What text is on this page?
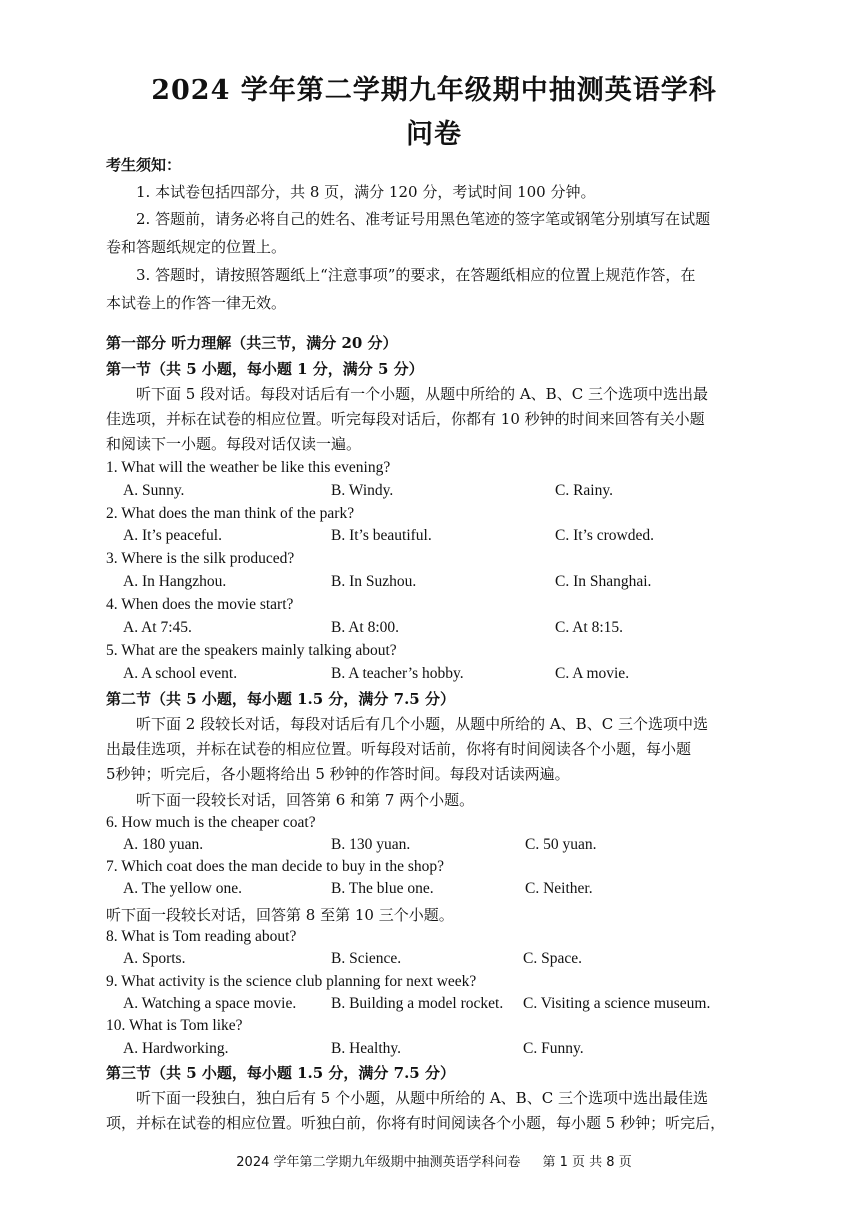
2024 学年第二学期九年级期中抽测英语学科
问卷
考生须知：
1. 本试卷包括四部分，共 8 页，满分 120 分，考试时间 100 分钟。
2. 答题前，请务必将自己的姓名、准考证号用黑色笔迹的签字笔或钢笔分别填写在试题
卷和答题纸规定的位置上。
3. 答题时，请按照答题纸上“注意事项”的要求，在答题纸相应的位置上规范作答，在
本试卷上的作答一律无效。
第一部分 听力理解（共三节，满分 20 分）
第一节（共 5 小题，每小题 1 分，满分 5 分）
听下面 5 段对话。每段对话后有一个小题，从题中所给的 A、B、C 三个选项中选出最
佳选项，并标在试卷的相应位置。听完每段对话后，你都有 10 秒钟的时间来回答有关小题
和阅读下一小题。每段对话仅读一遍。
1. What will the weather be like this evening?
A. Sunny.	B. Windy.	C. Rainy.
2. What does the man think of the park?
A. It’s peaceful.	B. It’s beautiful.	C. It’s crowded.
3. Where is the silk produced?
A. In Hangzhou.	B. In Suzhou.	C. In Shanghai.
4. When does the movie start?
A. At 7:45.	B. At 8:00.	C. At 8:15.
5. What are the speakers mainly talking about?
A. A school event.	B. A teacher’s hobby.	C. A movie.
第二节（共 5 小题，每小题 1.5 分，满分 7.5 分）
听下面 2 段较长对话，每段对话后有几个小题，从题中所给的 A、B、C 三个选项中选
出最佳选项，并标在试卷的相应位置。听每段对话前，你将有时间阅读各个小题，每小题
5秒钟；听完后，各小题将给出 5 秒钟的作答时间。每段对话读两遍。
听下面一段较长对话，回答第 6 和第 7 两个小题。
6. How much is the cheaper coat?
A. 180 yuan.	B. 130 yuan.	C. 50 yuan.
7. Which coat does the man decide to buy in the shop?
A. The yellow one.	B. The blue one.	C. Neither.
听下面一段较长对话，回答第 8 至第 10 三个小题。
8. What is Tom reading about?
A. Sports.	B. Science.	C. Space.
9. What activity is the science club planning for next week?
A. Watching a space movie. B. Building a model rocket. C. Visiting a science museum.
10. What is Tom like?
A. Hardworking.	B. Healthy.	C. Funny.
第三节（共 5 小题，每小题 1.5 分，满分 7.5 分）
听下面一段独白，独白后有 5 个小题，从题中所给的 A、B、C 三个选项中选出最佳选
项，并标在试卷的相应位置。听独白前，你将有时间阅读各个小题，每小题 5 秒钟；听完后，
2024 学年第二学期九年级期中抽测英语学科问卷 第 1 页 共 8 页
